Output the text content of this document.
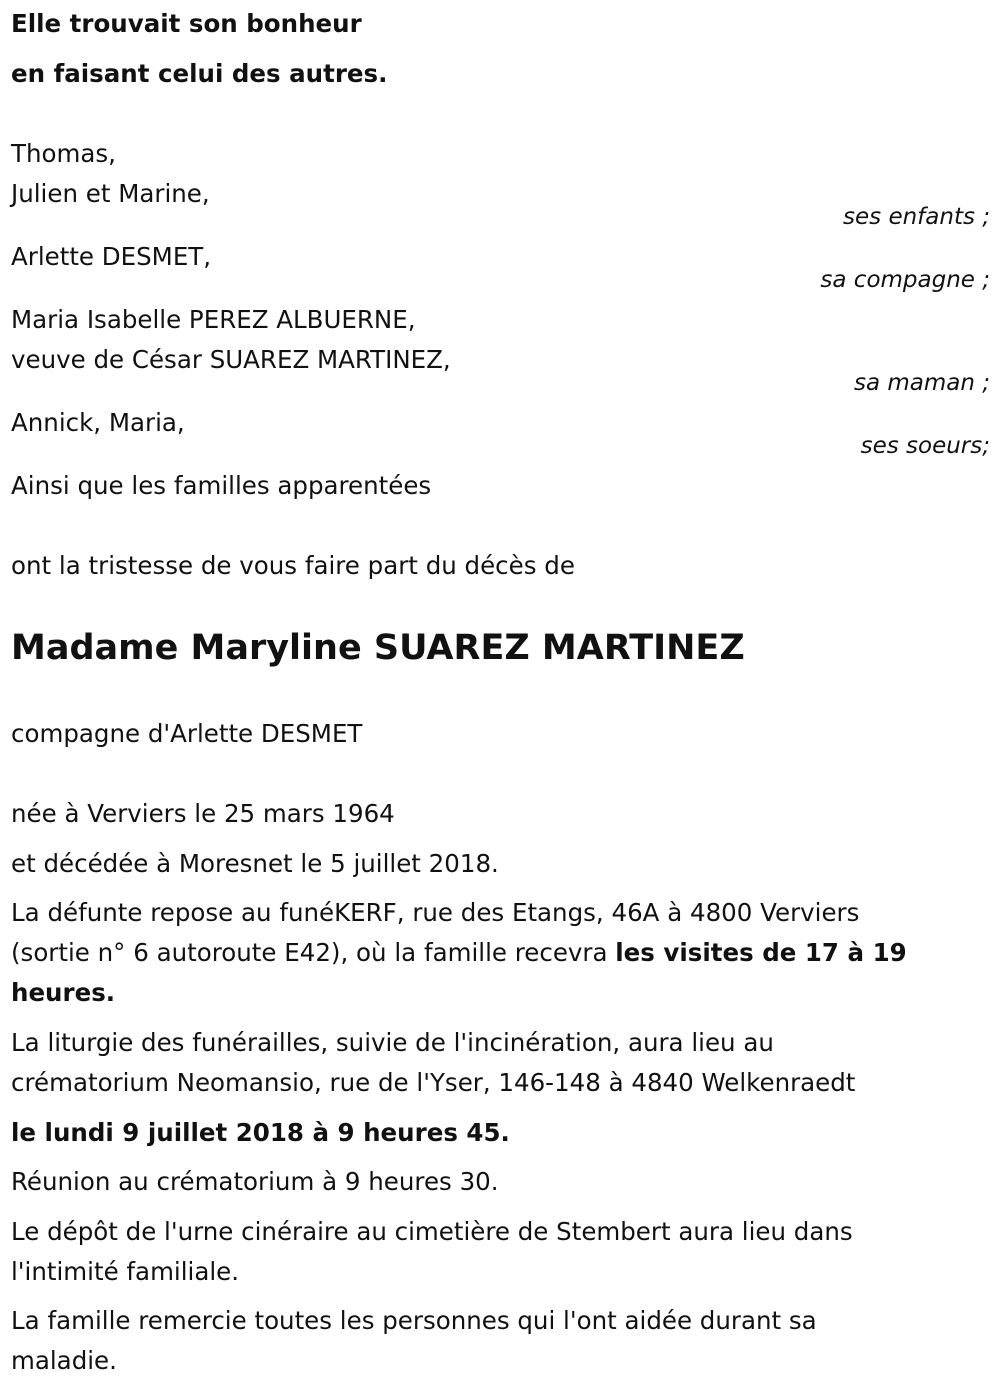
Elle trouvait son bonheur
en faisant celui des autres.
Thomas,
Julien et Marine,
ses enfants ;
Arlette DESMET,
sa compagne ;
Maria Isabelle PEREZ ALBUERNE,
veuve de César SUAREZ MARTINEZ,
sa maman ;
Annick, Maria,
ses soeurs;
Ainsi que les familles apparentées
ont la tristesse de vous faire part du décès de
Madame Maryline SUAREZ MARTINEZ
compagne d'Arlette DESMET
née à Verviers le 25 mars 1964
et décédée à Moresnet le 5 juillet 2018.
La défunte repose au funéKERF, rue des Etangs, 46A à 4800 Verviers
(sortie n° 6 autoroute E42), où la famille recevra les visites de 17 à 19
heures.
La liturgie des funérailles, suivie de l'incinération, aura lieu au
crématorium Neomansio, rue de l'Yser, 146-148 à 4840 Welkenraedt
le lundi 9 juillet 2018 à 9 heures 45.
Réunion au crématorium à 9 heures 30.
Le dépôt de l'urne cinéraire au cimetière de Stembert aura lieu dans
l'intimité familiale.
La famille remercie toutes les personnes qui l'ont aidée durant sa
maladie.
